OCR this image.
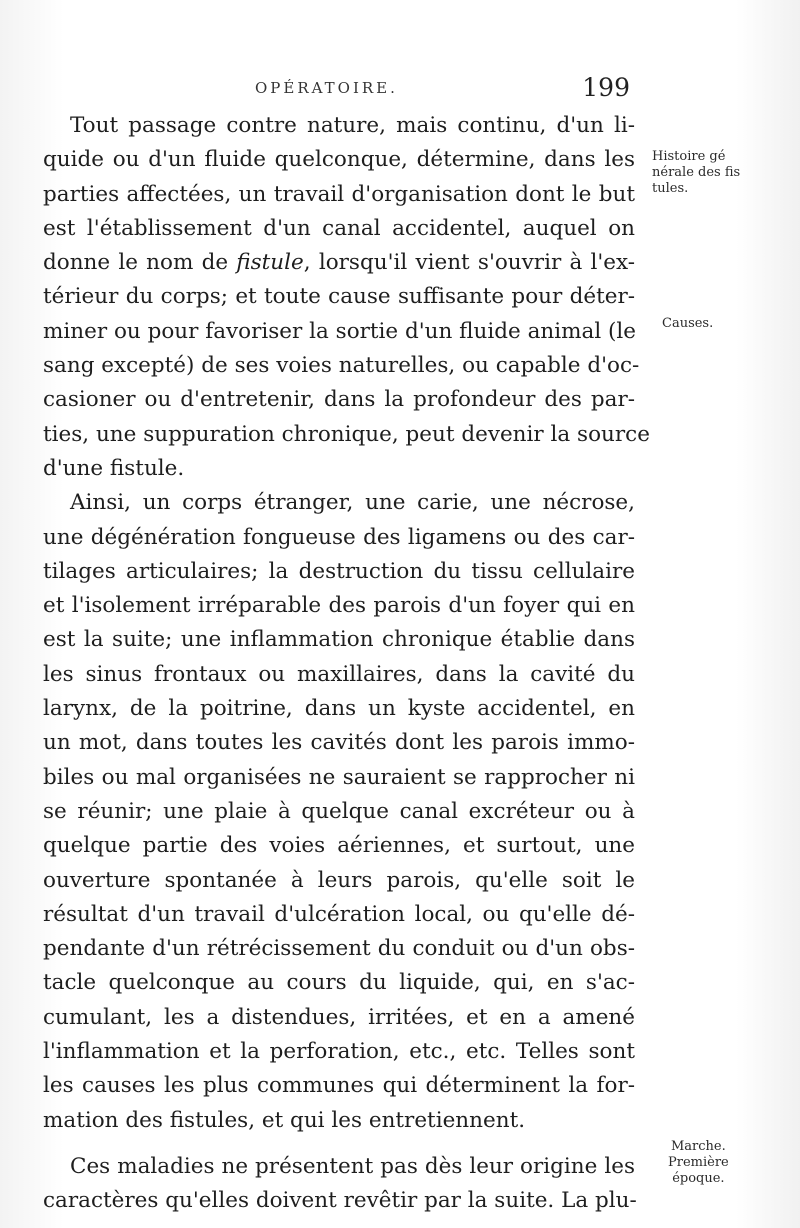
OPÉRATOIRE.	199
Tout passage contre nature, mais continu, d'un li-
quide ou d'un fluide quelconque, détermine, dans les
parties affectées, un travail d'organisation dont le but
est l'établissement d'un canal accidentel, auquel on
donne le nom de fistule, lorsqu'il vient s'ouvrir à l'ex-
térieur du corps; et toute cause suffisante pour déter-
miner ou pour favoriser la sortie d'un fluide animal (le
sang excepté) de ses voies naturelles, ou capable d'oc-
casioner ou d'entretenir, dans la profondeur des par-
ties, une suppuration chronique, peut devenir la source
d'une fistule.
Ainsi, un corps étranger, une carie, une nécrose,
une dégénération fongueuse des ligamens ou des car-
tilages articulaires; la destruction du tissu cellulaire
et l'isolement irréparable des parois d'un foyer qui en
est la suite; une inflammation chronique établie dans
les sinus frontaux ou maxillaires, dans la cavité du
larynx, de la poitrine, dans un kyste accidentel, en
un mot, dans toutes les cavités dont les parois immo-
biles ou mal organisées ne sauraient se rapprocher ni
se réunir; une plaie à quelque canal excréteur ou à
quelque partie des voies aériennes, et surtout, une
ouverture spontanée à leurs parois, qu'elle soit le
résultat d'un travail d'ulcération local, ou qu'elle dé-
pendante d'un rétrécissement du conduit ou d'un obs-
tacle quelconque au cours du liquide, qui, en s'ac-
cumulant, les a distendues, irritées, et en a amené
l'inflammation et la perforation, etc., etc. Telles sont
les causes les plus communes qui déterminent la for-
mation des fistules, et qui les entretiennent.
Ces maladies ne présentent pas dès leur origine les
caractères qu'elles doivent revêtir par la suite. La plu-
Histoire gé
nérale des fis
tules.
Causes.
Marche.
Première
époque.
